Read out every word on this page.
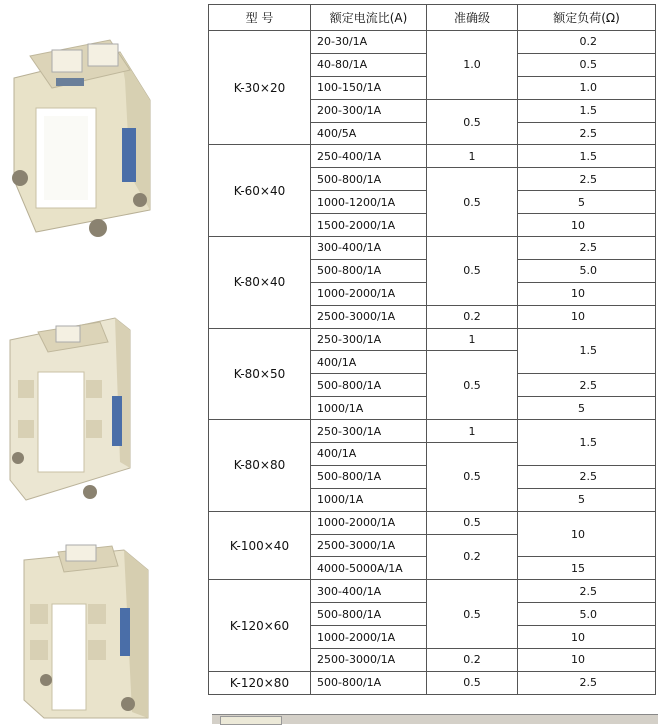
型 号	额定电流比(A)	准确级	额定负荷(Ω)
K-30×20	20-30/1A	1.0	0.2
	40-80/1A		0.5
	100-150/1A		1.0
	200-300/1A	0.5	1.5
	400/5A		2.5
K-60×40	250-400/1A	1	1.5
	500-800/1A	0.5	2.5
	1000-1200/1A		5
	1500-2000/1A		10
K-80×40	300-400/1A	0.5	2.5
	500-800/1A		5.0
	1000-2000/1A		10
	2500-3000/1A	0.2	10
K-80×50	250-300/1A	1	1.5
	400/1A	0.5	
	500-800/1A		2.5
	1000/1A		5
K-80×80	250-300/1A	1	1.5
	400/1A	0.5	
	500-800/1A		2.5
	1000/1A		5
K-100×40	1000-2000/1A	0.5	10
	2500-3000/1A	0.2	
	4000-5000A/1A		15
K-120×60	300-400/1A	0.5	2.5
	500-800/1A		5.0
	1000-2000/1A		10
	2500-3000/1A	0.2	10
K-120×80	500-800/1A	0.5	2.5
